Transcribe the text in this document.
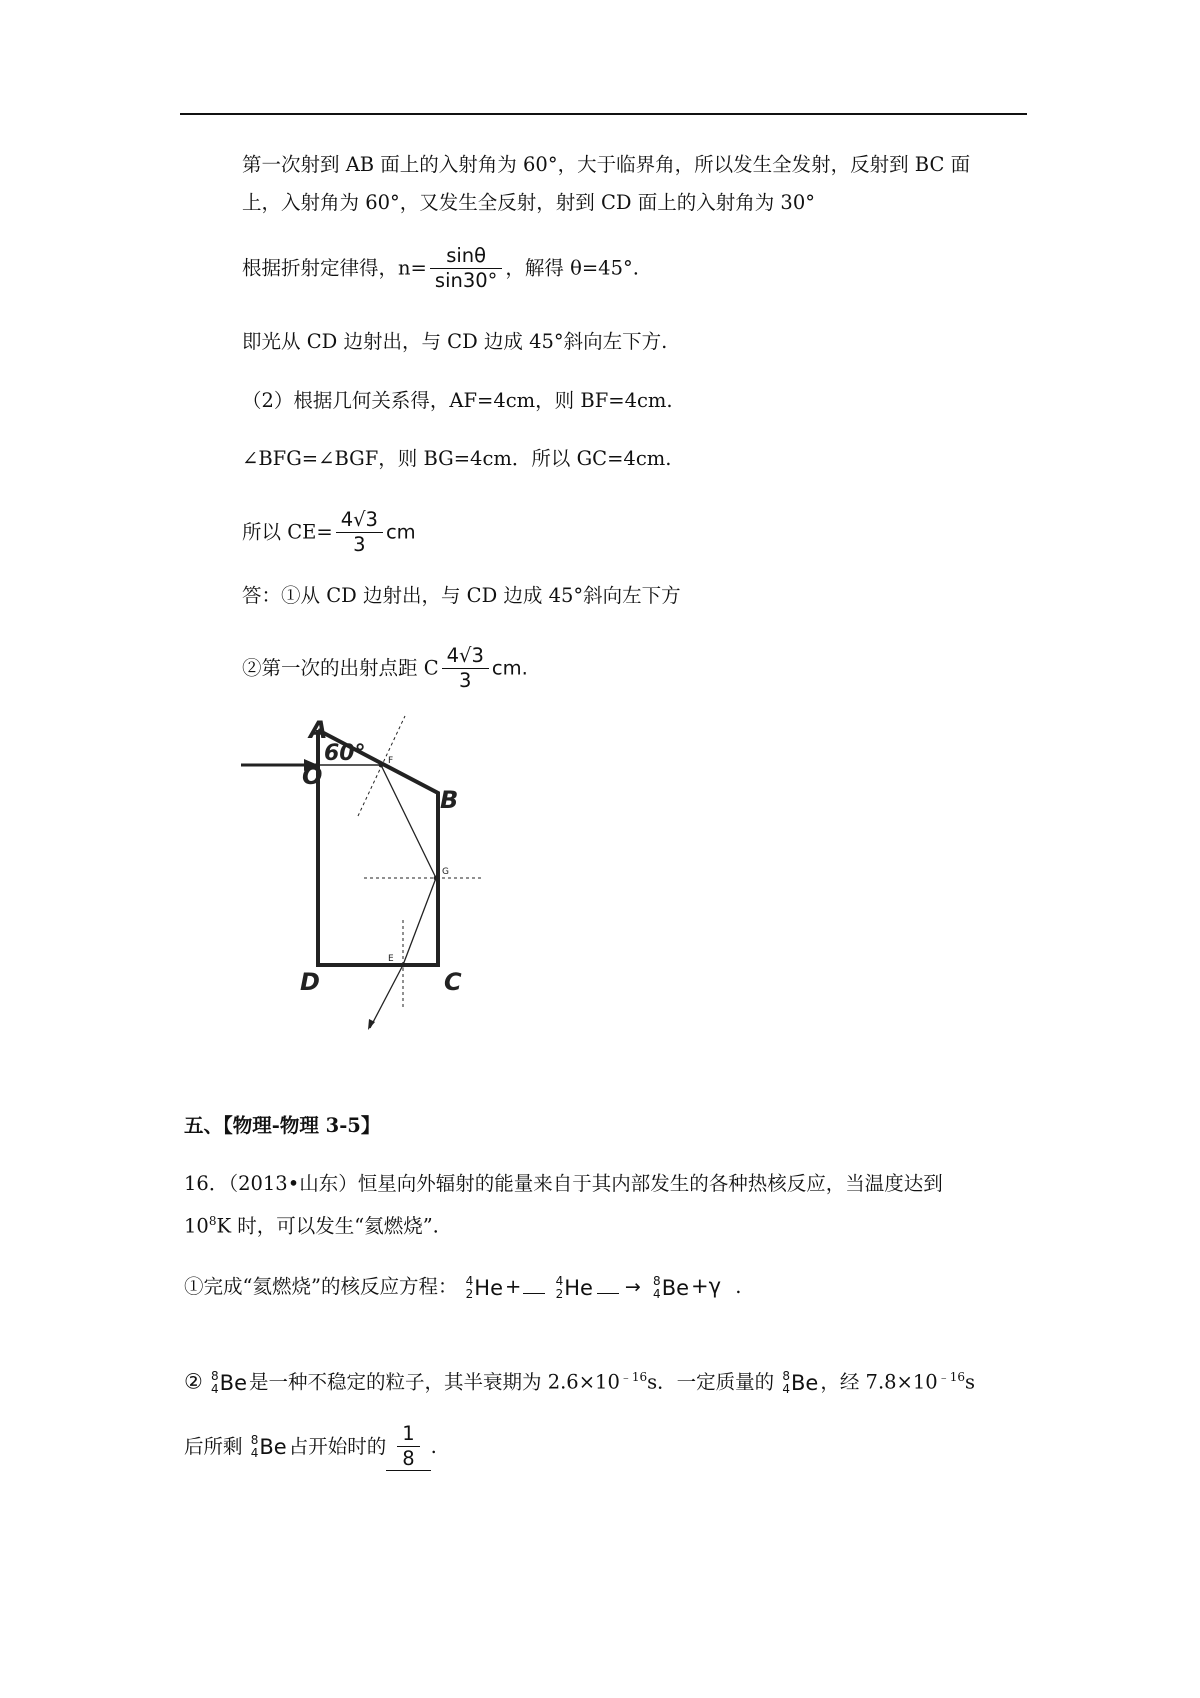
第一次射到 AB 面上的入射角为 60°，大于临界角，所以发生全发射，反射到 BC 面
上，入射角为 60°，又发生全反射，射到 CD 面上的入射角为 30°
根据折射定律得，$n= \frac{\sin\theta}{\sin 30^\circ}$ ，解得 θ=45°.
即光从 CD 边射出，与 CD 边成 45°斜向左下方.
（2）根据几何关系得，AF=4cm，则 BF=4cm.
∠BFG=∠BGF，则 BG=4cm．所以 GC=4cm.
所以 $CE= \frac{4√3}{3}$ cm
答：①从 CD 边射出，与 CD 边成 45°斜向左下方
②第一次的出射点距 C $\frac{4√3}{3}$ cm.
A
O
B
D	C
60° F
G
E
五、【物理-物理 3-5】
16．（2013•山东）恒星向外辐射的能量来自于其内部发生的各种热核反应，当温度达到
$10^8K$ 时，可以发生“氦燃烧”.
①完成“氦燃烧”的核反应方程： 4
2 He +	4
2 He → 8
4 Be +γ .
② 8
4 Be 是一种不稳定的粒子，其半衰期为 $2.6\times 10^{﹣16}s$．一定质量的 8
4 Be ，经 $7.8\times 10^{﹣16}s$
后所剩 8
4 Be 占开始时的 $\frac{1}{8}$ .
